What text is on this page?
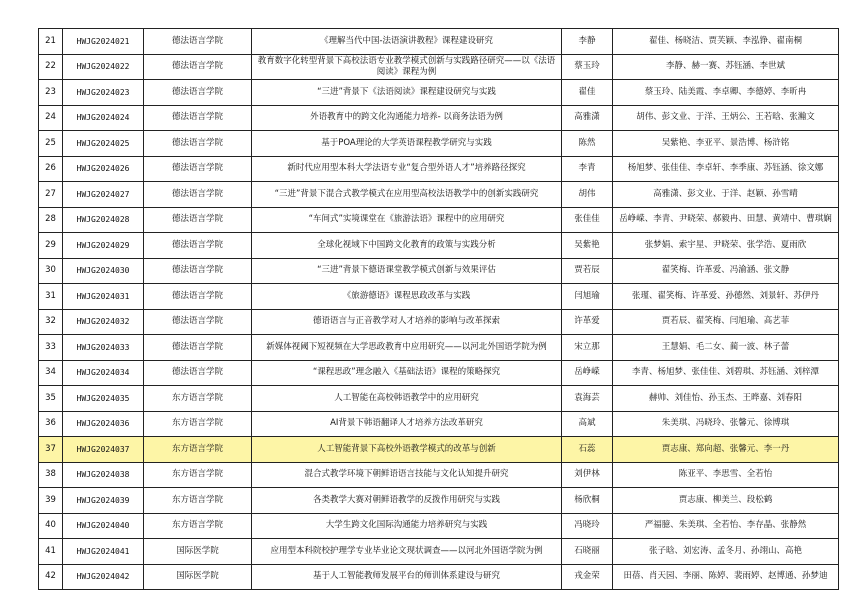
21	HWJG2024021	德法语言学院	《理解当代中国-法语演讲教程》课程建设研究	李静	翟佳、杨晓洁、贾芙颖、李泓铮、翟南桐
22	HWJG2024022	德法语言学院	教育数字化转型背景下高校法语专业教学模式创新与实践路径研究——以《法语阅读》课程为例	蔡玉玲	李静、赫一赛、苏钰涵、李世斌
23	HWJG2024023	德法语言学院	“三进”背景下《法语阅读》课程建设研究与实践	翟佳	蔡玉玲、陆美霞、李卓卿、李德婷、李昕冉
24	HWJG2024024	德法语言学院	外语教育中的跨文化沟通能力培养- 以商务法语为例	高雅潇	胡伟、彭文业、于洋、王炳公、王若晗、张瀚文
25	HWJG2024025	德法语言学院	基于POA理论的大学英语课程教学研究与实践	陈然	吴紫艳、李亚平、景浩博、杨浒铭
26	HWJG2024026	德法语言学院	新时代应用型本科大学法语专业“复合型外语人才”培养路径探究	李青	杨旭梦、张佳佳、李卓轩、李季康、苏钰涵、徐文娜
27	HWJG2024027	德法语言学院	“三进”背景下混合式教学模式在应用型高校法语教学中的创新实践研究	胡伟	高雅潇、彭文业、于洋、赵颖、孙雪晴
28	HWJG2024028	德法语言学院	“车间式”实境课堂在《旅游法语》课程中的应用研究	张佳佳	岳峥嵘、李青、尹晓荣、郝毅冉、田慧、黄靖中、曹琪娴
29	HWJG2024029	德法语言学院	全球化视域下中国跨文化教育的政策与实践分析	吴紫艳	张梦娟、索宇星、尹晓荣、张学浩、夏雨欣
30	HWJG2024030	德法语言学院	“三进”背景下德语课堂教学模式创新与效果评估	贾若辰	翟笑梅、许革爱、冯渝涵、张文静
31	HWJG2024031	德法语言学院	《旅游德语》课程思政改革与实践	闫旭瑜	张瑾、翟笑梅、许革爱、孙德然、刘景轩、苏伊丹
32	HWJG2024032	德法语言学院	德语语言与正音教学对人才培养的影响与改革探索	许革爱	贾若辰、翟笑梅、闫旭瑜、高艺菲
33	HWJG2024033	德法语言学院	新媒体视阈下短视频在大学思政教育中应用研究——以河北外国语学院为例	宋立那	王慧娟、毛二女、蔺一波、林子蕾
34	HWJG2024034	德法语言学院	“课程思政”理念融入《基础法语》课程的策略探究	岳峥嵘	李青、杨旭梦、张佳佳、刘碧琪、苏钰涵、刘梓潭
35	HWJG2024035	东方语言学院	人工智能在高校韩语教学中的应用研究	袁海芸	赫帅、刘佳怡、孙玉杰、王晔嘉、刘春阳
36	HWJG2024036	东方语言学院	AI背景下韩语翻译人才培养方法改革研究	高斌	朱美琪、冯晓玲、张馨元、徐博琪
37	HWJG2024037	东方语言学院	人工智能背景下高校外语教学模式的改革与创新	石蕊	贾志康、郑向超、张馨元、李一丹
38	HWJG2024038	东方语言学院	混合式教学环境下朝鲜语语言技能与文化认知提升研究	刘伊林	陈亚平、李思雪、全若怡
39	HWJG2024039	东方语言学院	各类教学大赛对朝鲜语教学的反拨作用研究与实践	杨欣桐	贾志康、柳美兰、段松鹤
40	HWJG2024040	东方语言学院	大学生跨文化国际沟通能力培养研究与实践	冯晓玲	严福臆、朱美琪、全若怡、李存晶、张静然
41	HWJG2024041	国际医学院	应用型本科院校护理学专业毕业论文现状调查——以河北外国语学院为例	石晓丽	张子晗、刘宏涛、孟冬月、孙翊山、高艳
42	HWJG2024042	国际医学院	基于人工智能教师发展平台的师训体系建设与研究	戎金荣	田蓓、肖天园、李丽、陈婷、裴雨婷、赵博通、孙梦迪
